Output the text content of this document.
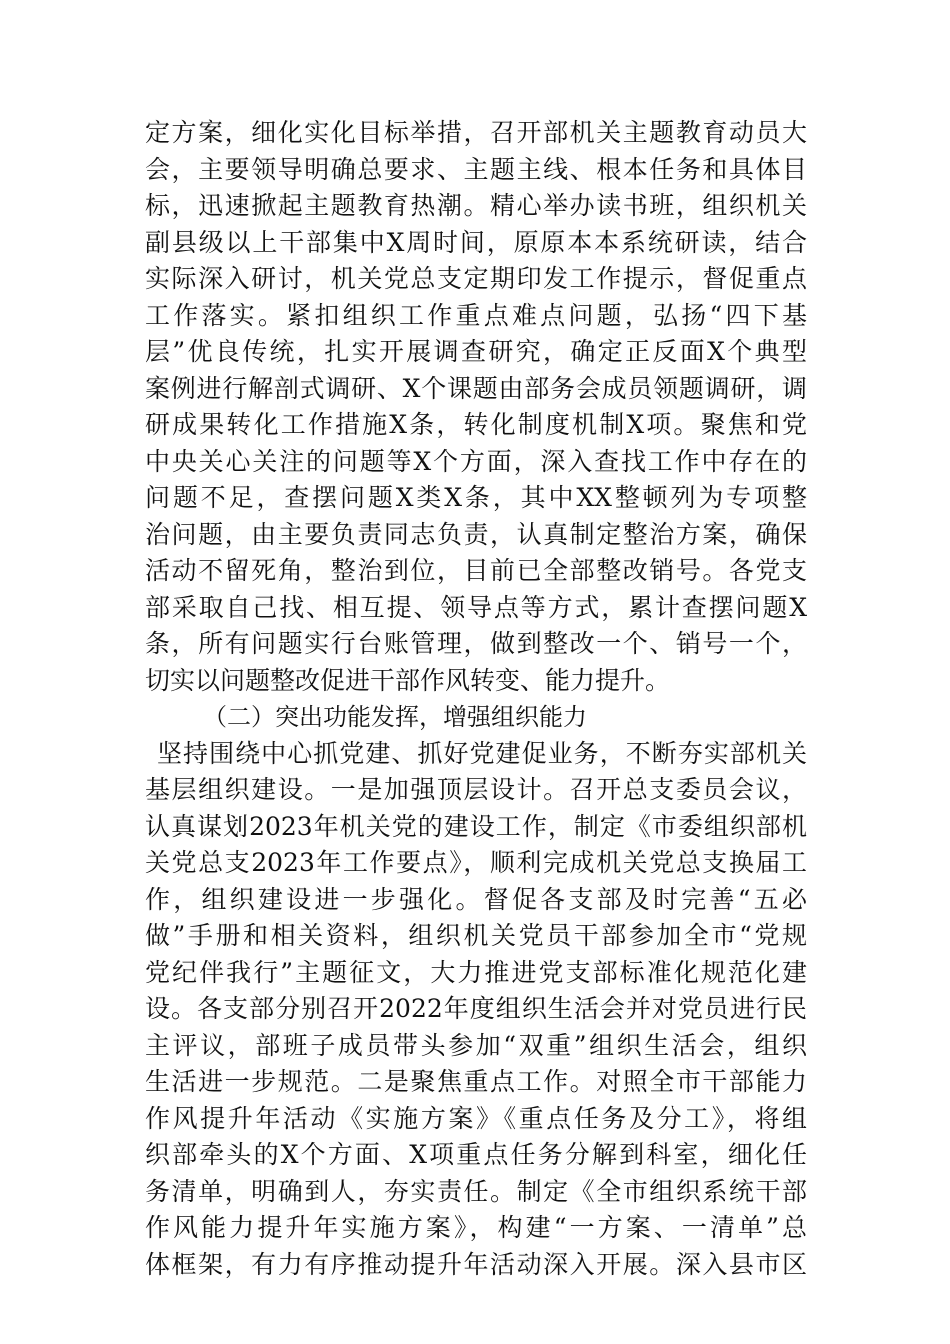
定方案，细化实化目标举措，召开部机关主题教育动员大
会，主要领导明确总要求、主题主线、根本任务和具体目
标，迅速掀起主题教育热潮。精心举办读书班，组织机关
副县级以上干部集中X周时间，原原本本系统研读，结合
实际深入研讨，机关党总支定期印发工作提示，督促重点
工作落实。紧扣组织工作重点难点问题，弘扬“四下基
层”优良传统，扎实开展调查研究，确定正反面X个典型
案例进行解剖式调研、X个课题由部务会成员领题调研，调
研成果转化工作措施X条，转化制度机制X项。聚焦和党
中央关心关注的问题等X个方面，深入查找工作中存在的
问题不足，查摆问题X类X条，其中XX整顿列为专项整
治问题，由主要负责同志负责，认真制定整治方案，确保
活动不留死角，整治到位，目前已全部整改销号。各党支
部采取自己找、相互提、领导点等方式，累计查摆问题X
条，所有问题实行台账管理，做到整改一个、销号一个，
切实以问题整改促进干部作风转变、能力提升。
（二）突出功能发挥，增强组织能力
坚持围绕中心抓党建、抓好党建促业务，不断夯实部机关
基层组织建设。一是加强顶层设计。召开总支委员会议，
认真谋划2023年机关党的建设工作，制定《市委组织部机
关党总支2023年工作要点》，顺利完成机关党总支换届工
作，组织建设进一步强化。督促各支部及时完善“五必
做”手册和相关资料，组织机关党员干部参加全市“党规
党纪伴我行”主题征文，大力推进党支部标准化规范化建
设。各支部分别召开2022年度组织生活会并对党员进行民
主评议，部班子成员带头参加“双重”组织生活会，组织
生活进一步规范。二是聚焦重点工作。对照全市干部能力
作风提升年活动《实施方案》《重点任务及分工》，将组
织部牵头的X个方面、X项重点任务分解到科室，细化任
务清单，明确到人，夯实责任。制定《全市组织系统干部
作风能力提升年实施方案》，构建“一方案、一清单”总
体框架，有力有序推动提升年活动深入开展。深入县市区
